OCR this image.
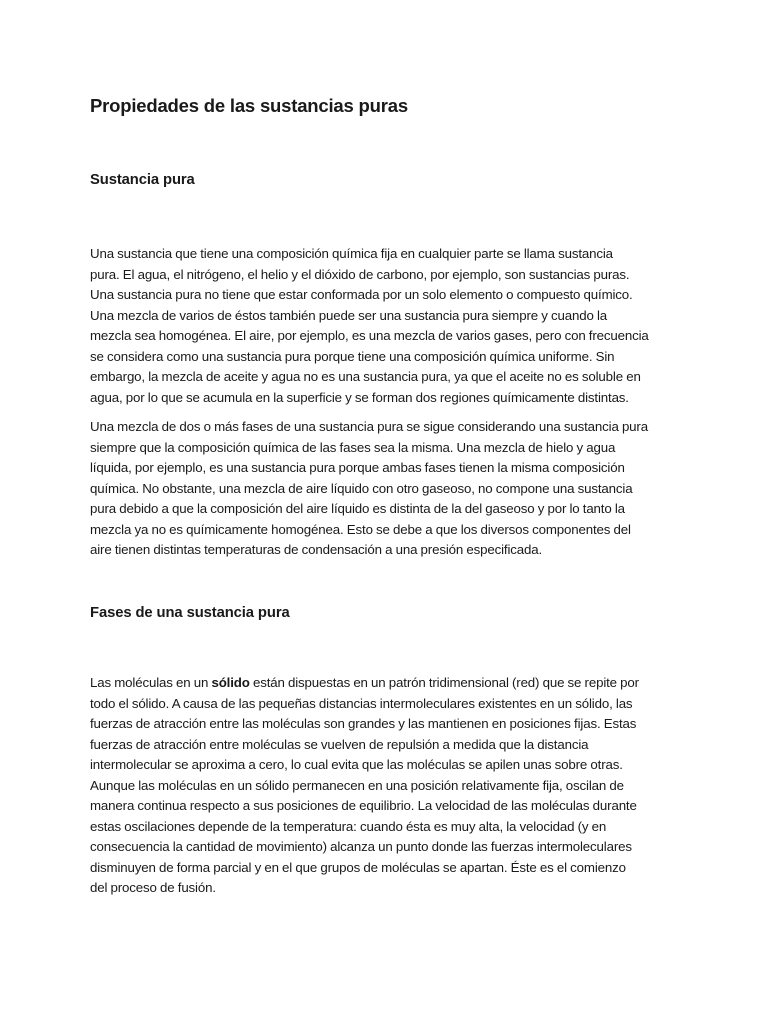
Propiedades de las sustancias puras
Sustancia pura

Una sustancia que tiene una composición química fija en cualquier parte se llama sustancia
pura. El agua, el nitrógeno, el helio y el dióxido de carbono, por ejemplo, son sustancias puras.
Una sustancia pura no tiene que estar conformada por un solo elemento o compuesto químico.
Una mezcla de varios de éstos también puede ser una sustancia pura siempre y cuando la
mezcla sea homogénea. El aire, por ejemplo, es una mezcla de varios gases, pero con frecuencia
se considera como una sustancia pura porque tiene una composición química uniforme. Sin
embargo, la mezcla de aceite y agua no es una sustancia pura, ya que el aceite no es soluble en
agua, por lo que se acumula en la superficie y se forman dos regiones químicamente distintas.

Una mezcla de dos o más fases de una sustancia pura se sigue considerando una sustancia pura
siempre que la composición química de las fases sea la misma. Una mezcla de hielo y agua
líquida, por ejemplo, es una sustancia pura porque ambas fases tienen la misma composición
química. No obstante, una mezcla de aire líquido con otro gaseoso, no compone una sustancia
pura debido a que la composición del aire líquido es distinta de la del gaseoso y por lo tanto la
mezcla ya no es químicamente homogénea. Esto se debe a que los diversos componentes del
aire tienen distintas temperaturas de condensación a una presión especificada.

Fases de una sustancia pura

Las moléculas en un sólido están dispuestas en un patrón tridimensional (red) que se repite por
todo el sólido. A causa de las pequeñas distancias intermoleculares existentes en un sólido, las
fuerzas de atracción entre las moléculas son grandes y las mantienen en posiciones fijas. Estas
fuerzas de atracción entre moléculas se vuelven de repulsión a medida que la distancia
intermolecular se aproxima a cero, lo cual evita que las moléculas se apilen unas sobre otras.
Aunque las moléculas en un sólido permanecen en una posición relativamente fija, oscilan de
manera continua respecto a sus posiciones de equilibrio. La velocidad de las moléculas durante
estas oscilaciones depende de la temperatura: cuando ésta es muy alta, la velocidad (y en
consecuencia la cantidad de movimiento) alcanza un punto donde las fuerzas intermoleculares
disminuyen de forma parcial y en el que grupos de moléculas se apartan. Éste es el comienzo
del proceso de fusión.
